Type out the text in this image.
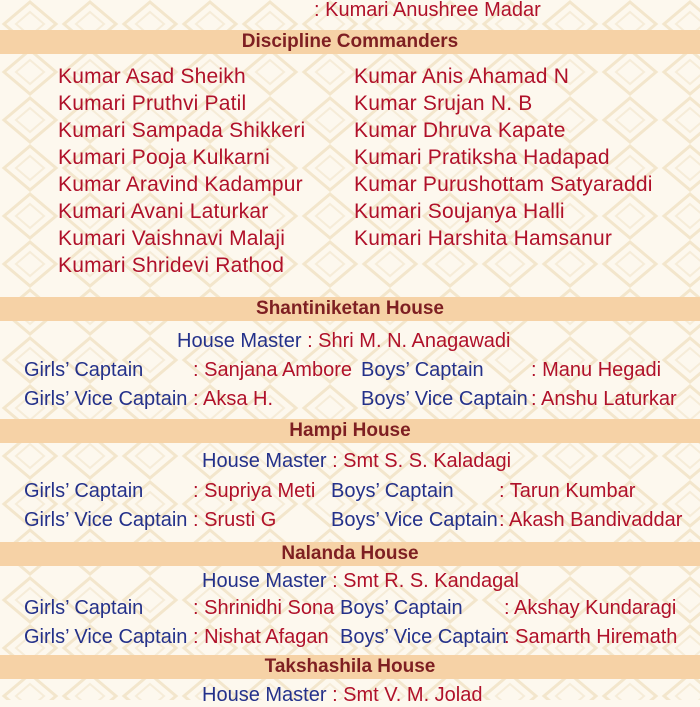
: Kumari Anushree Madar
Discipline Commanders
Kumar Asad Sheikh
Kumari Pruthvi Patil
Kumari Sampada Shikkeri
Kumari Pooja Kulkarni
Kumar Aravind Kadampur
Kumari Avani Laturkar
Kumari Vaishnavi Malaji
Kumari Shridevi Rathod
Kumar Anis Ahamad N
Kumar Srujan N. B
Kumar Dhruva Kapate
Kumari Pratiksha Hadapad
Kumar Purushottam Satyaraddi
Kumari Soujanya Halli
Kumari Harshita Hamsanur
Shantiniketan House
House Master : Shri M. N. Anagawadi
Girls’ Captain : Sanjana Ambore Boys’ Captain : Manu Hegadi
Girls’ Vice Captain : Aksa H.	Boys’ Vice Captain : Anshu Laturkar
Hampi House
House Master : Smt S. S. Kaladagi
Girls’ Captain : Supriya Meti Boys’ Captain : Tarun Kumbar
Girls’ Vice Captain : Srusti G	Boys’ Vice Captain : Akash Bandivaddar
Nalanda House
House Master : Smt R. S. Kandagal
Girls’ Captain : Shrinidhi Sona Boys’ Captain : Akshay Kundaragi
Girls’ Vice Captain : Nishat Afagan Boys’ Vice Captain
: Samarth Hiremath
Takshashila House
House Master : Smt V. M. Jolad
